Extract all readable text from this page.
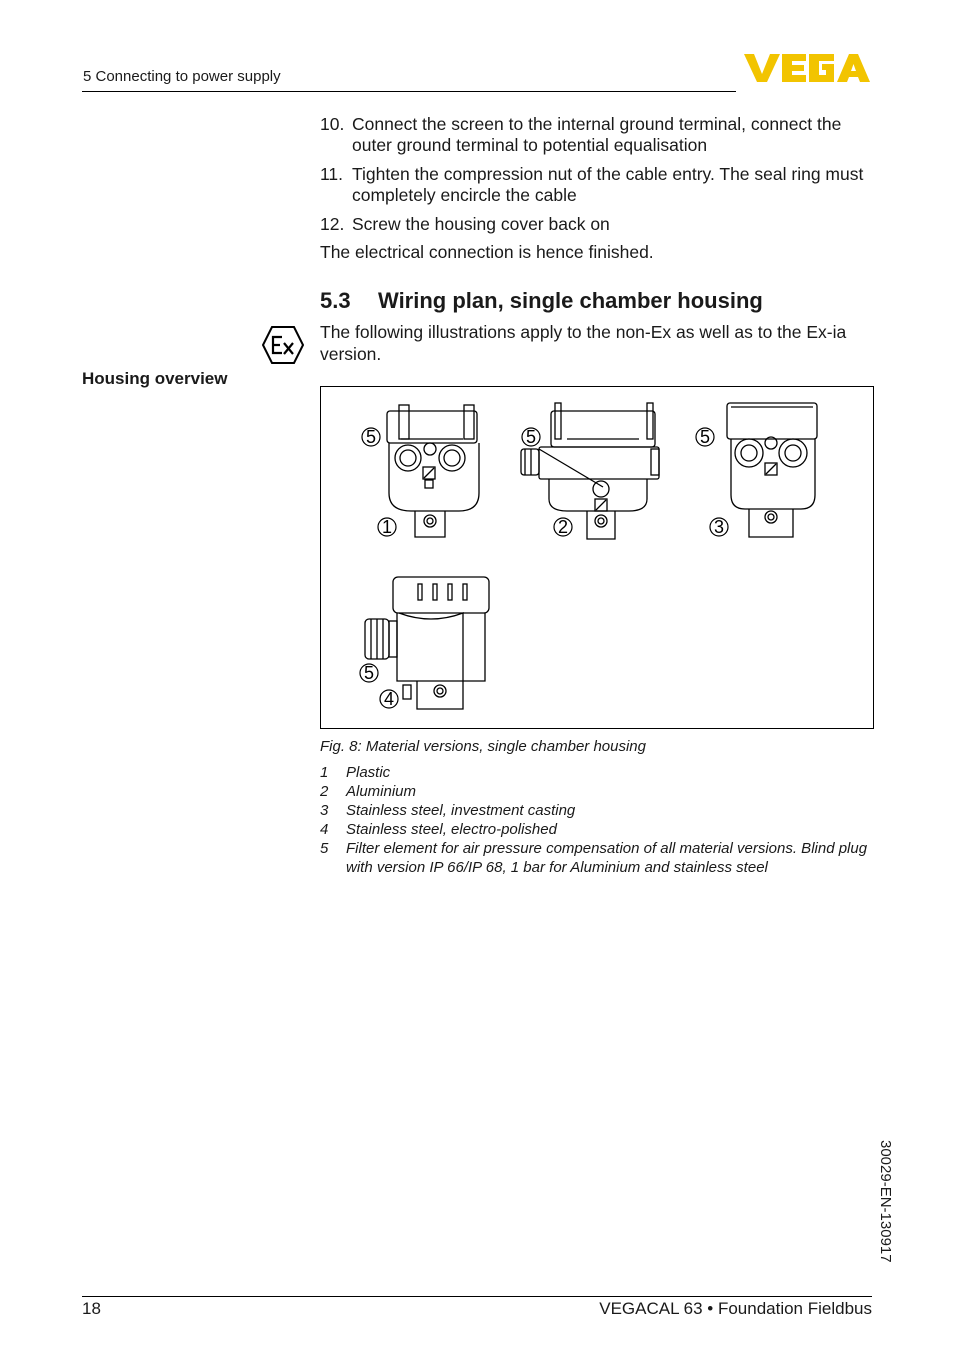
5 Connecting to power supply
10. Connect the screen to the internal ground terminal, connect the outer ground terminal to potential equalisation
11. Tighten the compression nut of the cable entry. The seal ring must completely encircle the cable
12. Screw the housing cover back on
The electrical connection is hence finished.
5.3 Wiring plan, single chamber housing
The following illustrations apply to the non-Ex as well as to the Ex-ia version.
Housing overview
5
1
5
2
5
3
5
4
Fig. 8: Material versions, single chamber housing
1	Plastic
2	Aluminium
3	Stainless steel, investment casting
4	Stainless steel, electro-polished
5	Filter element for air pressure compensation of all material versions. Blind plug with version IP 66/IP 68, 1 bar for Aluminium and stainless steel
30029-EN-130917
18	VEGACAL 63 • Foundation Fieldbus
